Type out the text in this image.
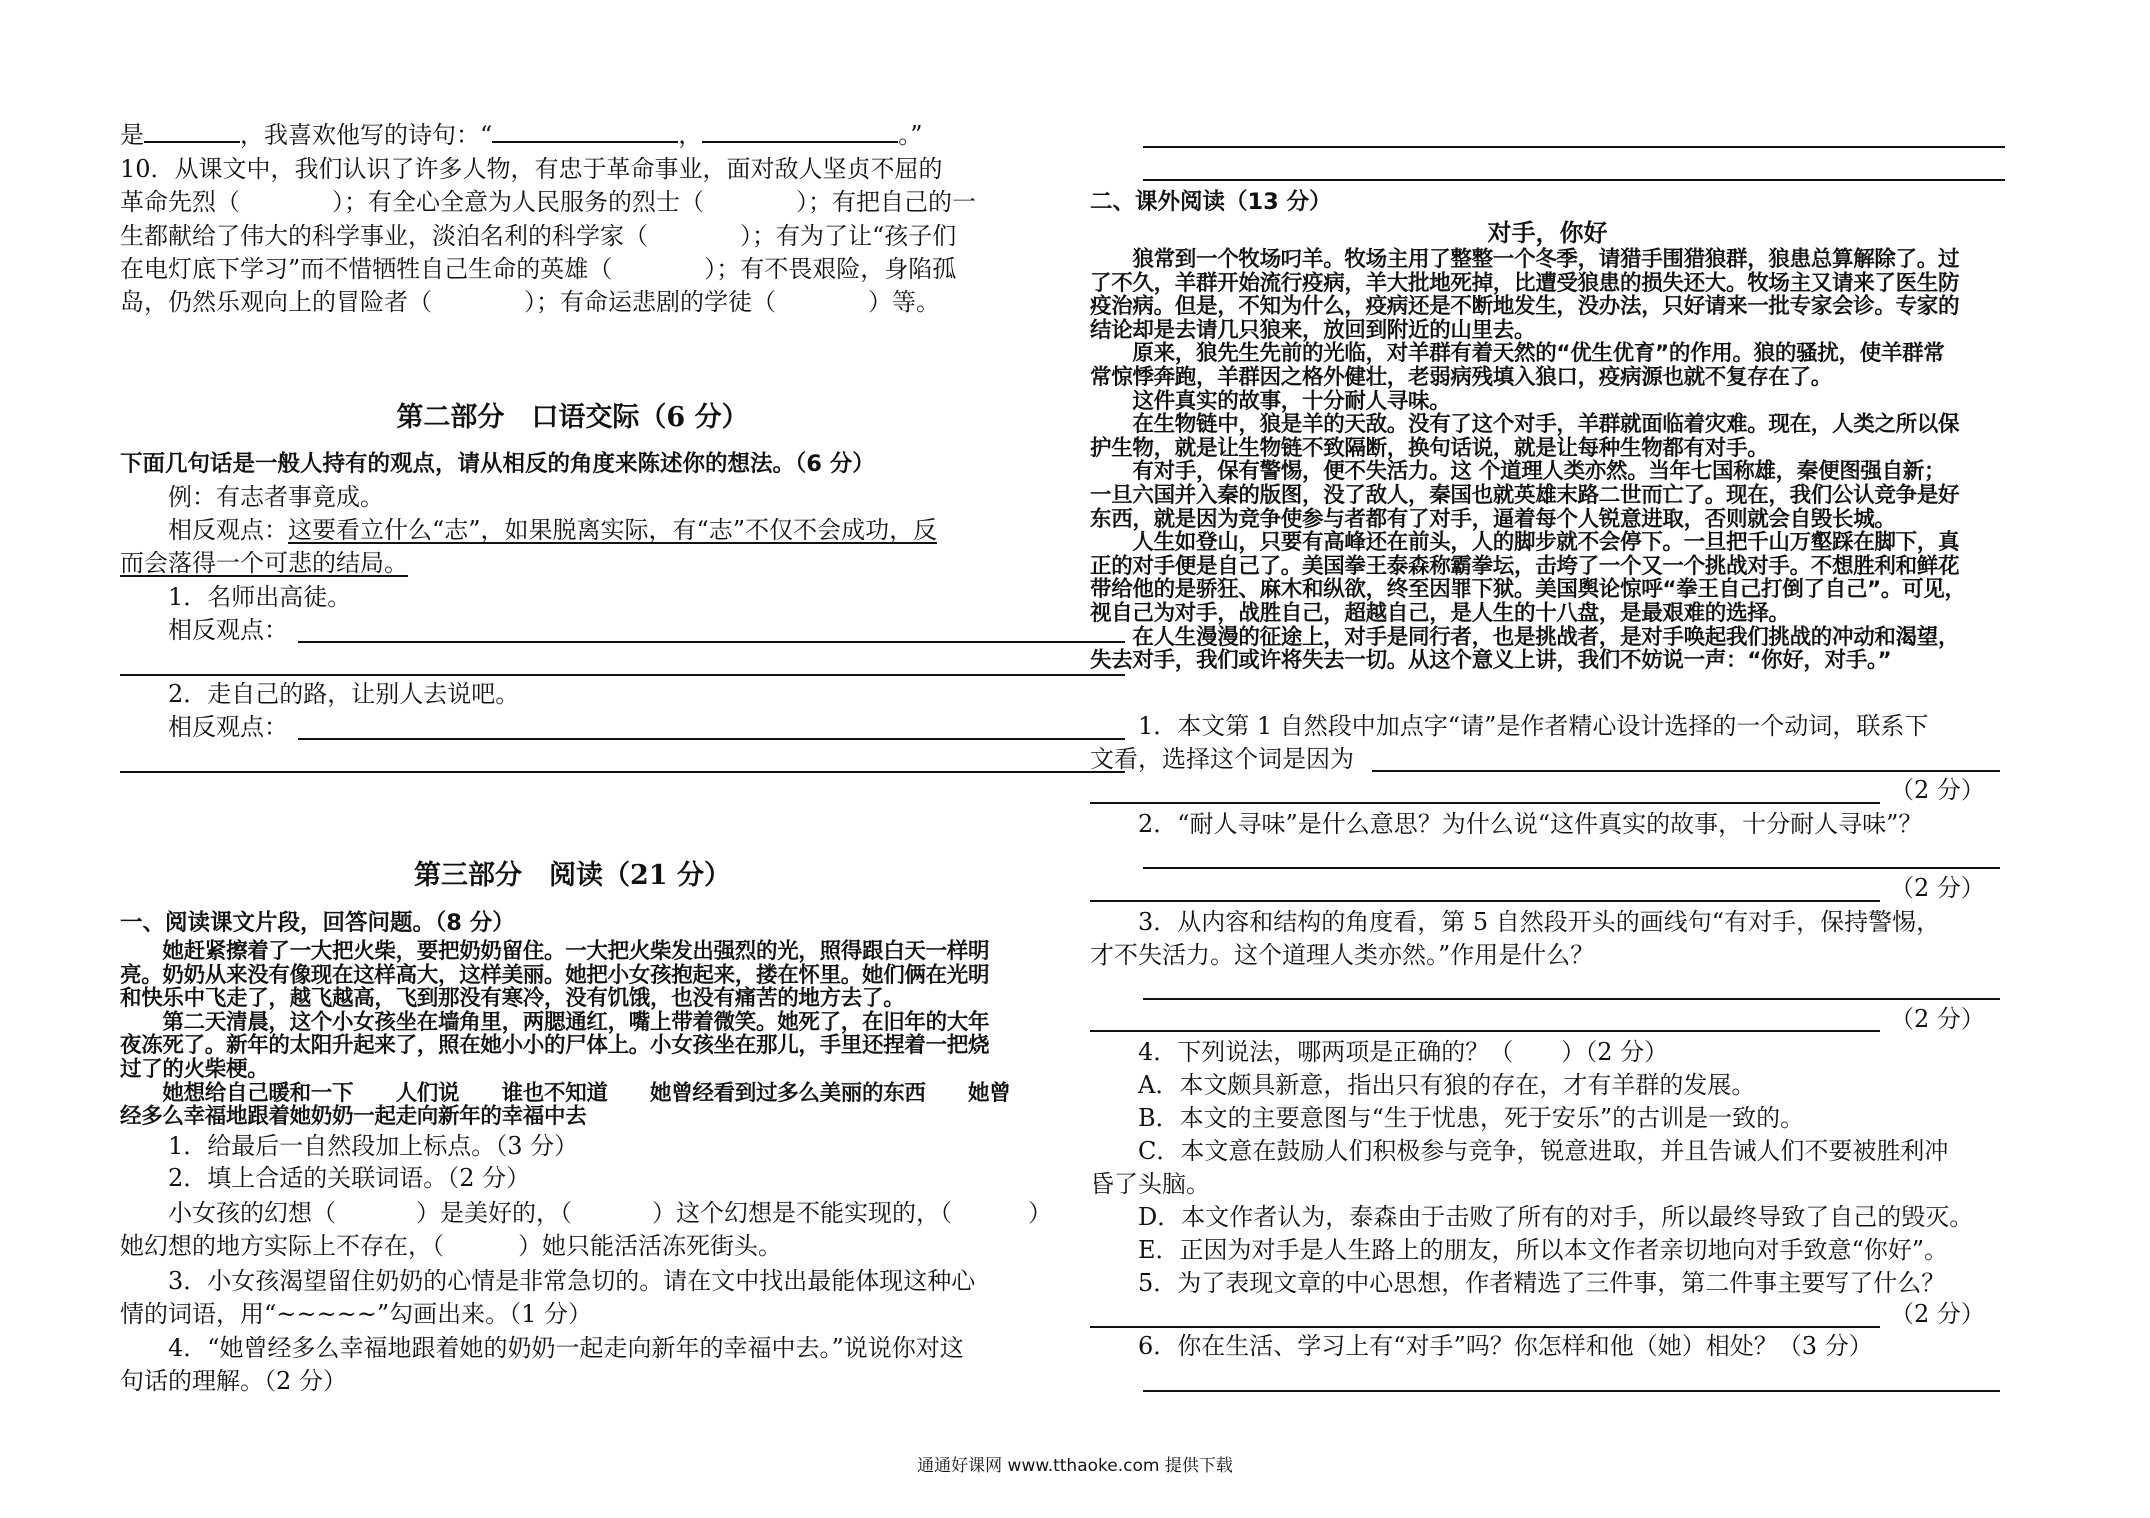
是	，我喜欢他写的诗句：“	，	。”
10．从课文中，我们认识了许多人物，有忠于革命事业，面对敌人坚贞不屈的
革命先烈（	）；有全心全意为人民服务的烈士（	）；有把自己的一
生都献给了伟大的科学事业，淡泊名利的科学家（	）；有为了让“孩子们
在电灯底下学习”而不惜牺牲自己生命的英雄（	）；有不畏艰险，身陷孤
岛，仍然乐观向上的冒险者（	）；有命运悲剧的学徒（	）等。
第二部分　口语交际（6 分）
下面几句话是一般人持有的观点，请从相反的角度来陈述你的想法。（6 分）
例：有志者事竟成。
相反观点：这要看立什么“志”，如果脱离实际，有“志”不仅不会成功，反
而会落得一个可悲的结局。
1．名师出高徒。
相反观点：
2．走自己的路，让别人去说吧。
相反观点：
第三部分　阅读（21 分）
一、阅读课文片段，回答问题。（8 分）
　　她赶紧擦着了一大把火柴，要把奶奶留住。一大把火柴发出强烈的光，照得跟白天一样明
亮。奶奶从来没有像现在这样高大，这样美丽。她把小女孩抱起来，搂在怀里。她们俩在光明
和快乐中飞走了，越飞越高，飞到那没有寒冷，没有饥饿，也没有痛苦的地方去了。
　　第二天清晨，这个小女孩坐在墙角里，两腮通红，嘴上带着微笑。她死了，在旧年的大年
夜冻死了。新年的太阳升起来了，照在她小小的尸体上。小女孩坐在那儿，手里还捏着一把烧
过了的火柴梗。
　　她想给自己暖和一下　　人们说　　谁也不知道　　她曾经看到过多么美丽的东西　　她曾
经多么幸福地跟着她奶奶一起走向新年的幸福中去
1．给最后一自然段加上标点。（3 分）
2．填上合适的关联词语。（2 分）
小女孩的幻想（	）是美好的，（	）这个幻想是不能实现的，（	）
她幻想的地方实际上不存在，（	）她只能活活冻死街头。
3．小女孩渴望留住奶奶的心情是非常急切的。请在文中找出最能体现这种心
情的词语，用“~~~~~”勾画出来。（1 分）
4．“她曾经多么幸福地跟着她的奶奶一起走向新年的幸福中去。”说说你对这
句话的理解。（2 分）
二、课外阅读（13 分）
对手，你好
　　狼常到一个牧场叼羊。牧场主用了整整一个冬季，请猎手围猎狼群，狼患总算解除了。过
了不久，羊群开始流行疫病，羊大批地死掉，比遭受狼患的损失还大。牧场主又请来了医生防
疫治病。但是，不知为什么，疫病还是不断地发生，没办法，只好请来一批专家会诊。专家的
结论却是去请几只狼来，放回到附近的山里去。
　　原来，狼先生先前的光临，对羊群有着天然的“优生优育”的作用。狼的骚扰，使羊群常
常惊悸奔跑，羊群因之格外健壮，老弱病残填入狼口，疫病源也就不复存在了。
　　这件真实的故事，十分耐人寻味。
　　在生物链中，狼是羊的天敌。没有了这个对手，羊群就面临着灾难。现在，人类之所以保
护生物，就是让生物链不致隔断，换句话说，就是让每种生物都有对手。
　　有对手，保有警惕，便不失活力。这 个道理人类亦然。当年七国称雄，秦便图强自新；
一旦六国并入秦的版图，没了敌人，秦国也就英雄末路二世而亡了。现在，我们公认竞争是好
东西，就是因为竞争使参与者都有了对手，逼着每个人锐意进取，否则就会自毁长城。
　　人生如登山，只要有高峰还在前头，人的脚步就不会停下。一旦把千山万壑踩在脚下，真
正的对手便是自己了。美国拳王泰森称霸拳坛，击垮了一个又一个挑战对手。不想胜利和鲜花
带给他的是骄狂、麻木和纵欲，终至因罪下狱。美国舆论惊呼“拳王自己打倒了自己”。可见，
视自己为对手，战胜自己，超越自己，是人生的十八盘，是最艰难的选择。
　　在人生漫漫的征途上，对手是同行者，也是挑战者，是对手唤起我们挑战的冲动和渴望，
失去对手，我们或许将失去一切。从这个意义上讲，我们不妨说一声：“你好，对手。”
1．本文第 1 自然段中加点字“请”是作者精心设计选择的一个动词，联系下
文看，选择这个词是因为
（2 分）
2．“耐人寻味”是什么意思？为什么说“这件真实的故事，十分耐人寻味”？
（2 分）
3．从内容和结构的角度看，第 5 自然段开头的画线句“有对手，保持警惕，
才不失活力。这个道理人类亦然。”作用是什么？
（2 分）
4．下列说法，哪两项是正确的？（　　）（2 分）
A．本文颇具新意，指出只有狼的存在，才有羊群的发展。
B．本文的主要意图与“生于忧患，死于安乐”的古训是一致的。
C．本文意在鼓励人们积极参与竞争，锐意进取，并且告诫人们不要被胜利冲
昏了头脑。
D．本文作者认为，泰森由于击败了所有的对手，所以最终导致了自己的毁灭。
E．正因为对手是人生路上的朋友，所以本文作者亲切地向对手致意“你好”。
5．为了表现文章的中心思想，作者精选了三件事，第二件事主要写了什么？
（2 分）
6．你在生活、学习上有“对手”吗？你怎样和他（她）相处？（3 分）
通通好课网 www.tthaoke.com 提供下载
